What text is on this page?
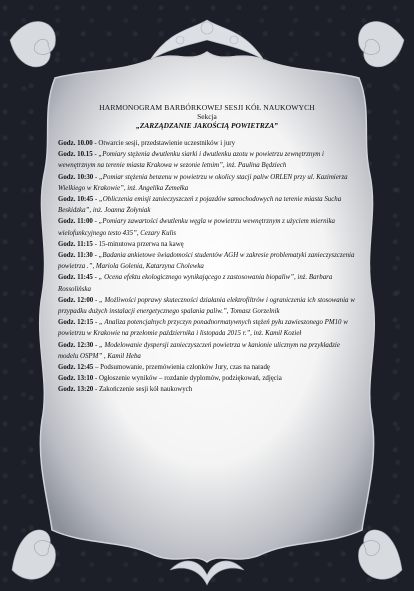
HARMONOGRAM BARBÓRKOWEJ SESJI KÓŁ NAUKOWYCH

Sekcja

„ZARZĄDZANIE JAKOŚCIĄ POWIETRZA”

Godz. 10.00 - Otwarcie sesji, przedstawienie uczestników i jury

Godz. 10.15 - „Pomiary stężenia dwutlenku siarki i dwutlenku azotu w powietrzu zewnętrznym i wewnętrznym na terenie miasta Krakowa w sezonie letnim”, inż. Paulina Będziech

Godz. 10:30 - „Pomiar stężenia benzenu w powietrzu w okolicy stacji paliw ORLEN przy ul. Kazimierza Wielkiego w Krakowie”, inż. Angelika Zemełka

Godz. 10:45 - „Obliczenia emisji zanieczyszczeń z pojazdów samochodowych na terenie miasta Sucha Beskidzka”, inż. Joanna Żołyniak

Godz. 11:00 - „Pomiary zawartości dwutlenku węgla w powietrzu wewnętrznym z użyciem miernika wielofunkcyjnego testo 435”, Cezary Kulis

Godz. 11:15 - 15-minutowa przerwa na kawę

Godz. 11:30 - „Badania ankietowe świadomości studentów AGH w zakresie problematyki zanieczyszczenia powietrza .”, Mariola Golenia, Katarzyna Cholewka

Godz. 11:45 - „ Ocena efektu ekologicznego wynikającego z zastosowania biopaliw”, inż. Barbara Rossolińska

Godz. 12:00 - „ Możliwości poprawy skuteczności działania elektrofiltrów i ograniczenia ich stosowania w przypadku dużych instalacji energetycznego spalania paliw.”, Tomasz Gorzelnik

Godz. 12:15 - „ Analiza potencjalnych przyczyn ponadnormatywnych stężeń pyłu zawieszonego PM10 w powietrzu w Krakowie na przełomie października i listopada 2015 r.”, inż. Kamil Kozieł

Godz. 12:30 - „ Modelowanie dyspersji zanieczyszczeń powietrza w kanionie ulicznym na przykładzie modelu OSPM” , Kamil Heba

Godz. 12:45 – Podsumowanie, przemówienia członków Jury, czas na naradę

Godz. 13:10 - Ogłoszenie wyników – rozdanie dyplomów, podziękowań, zdjęcia

Godz. 13:20 - Zakończenie sesji kół naukowych
